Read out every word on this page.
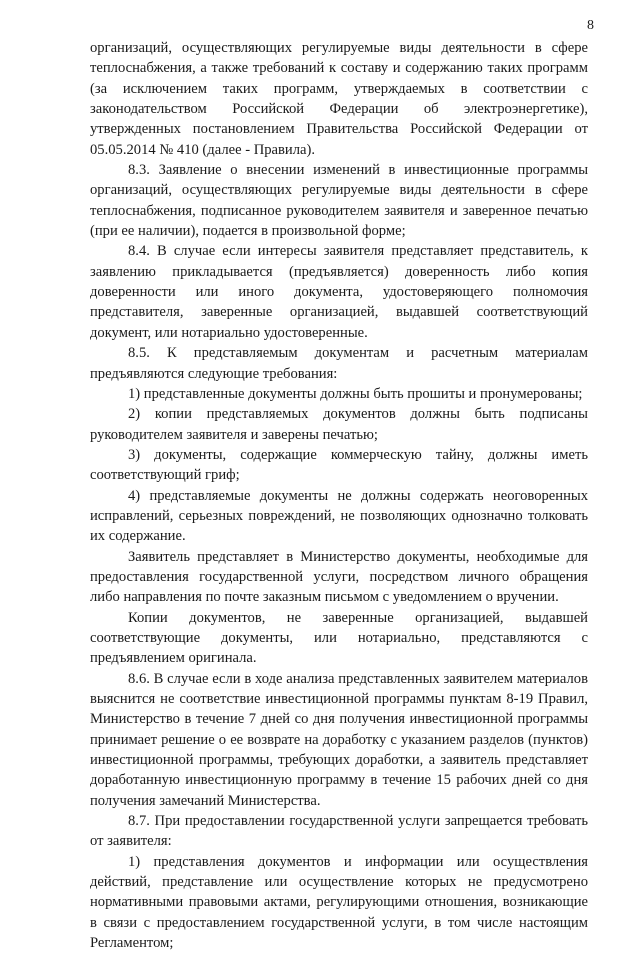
8

организаций, осуществляющих регулируемые виды деятельности в сфере теплоснабжения, а также требований к составу и содержанию таких программ (за исключением таких программ, утверждаемых в соответствии с законодательством Российской Федерации об электроэнергетике), утвержденных постановлением Правительства Российской Федерации от 05.05.2014 № 410 (далее - Правила).

8.3. Заявление о внесении изменений в инвестиционные программы организаций, осуществляющих регулируемые виды деятельности в сфере теплоснабжения, подписанное руководителем заявителя и заверенное печатью (при ее наличии), подается в произвольной форме;

8.4. В случае если интересы заявителя представляет представитель, к заявлению прикладывается (предъявляется) доверенность либо копия доверенности или иного документа, удостоверяющего полномочия представителя, заверенные организацией, выдавшей соответствующий документ, или нотариально удостоверенные.

8.5. К представляемым документам и расчетным материалам предъявляются следующие требования:

1) представленные документы должны быть прошиты и пронумерованы;

2) копии представляемых документов должны быть подписаны руководителем заявителя и заверены печатью;

3) документы, содержащие коммерческую тайну, должны иметь соответствующий гриф;

4) представляемые документы не должны содержать неоговоренных исправлений, серьезных повреждений, не позволяющих однозначно толковать их содержание.

Заявитель представляет в Министерство документы, необходимые для предоставления государственной услуги, посредством личного обращения либо направления по почте заказным письмом с уведомлением о вручении.

Копии документов, не заверенные организацией, выдавшей соответствующие документы, или нотариально, представляются с предъявлением оригинала.

8.6. В случае если в ходе анализа представленных заявителем материалов выяснится не соответствие инвестиционной программы пунктам 8-19 Правил, Министерство в течение 7 дней со дня получения инвестиционной программы принимает решение о ее возврате на доработку с указанием разделов (пунктов) инвестиционной программы, требующих доработки, а заявитель представляет доработанную инвестиционную программу в течение 15 рабочих дней со дня получения замечаний Министерства.

8.7. При предоставлении государственной услуги запрещается требовать от заявителя:

1) представления документов и информации или осуществления действий, представление или осуществление которых не предусмотрено нормативными правовыми актами, регулирующими отношения, возникающие в связи с предоставлением государственной услуги, в том числе настоящим Регламентом;
